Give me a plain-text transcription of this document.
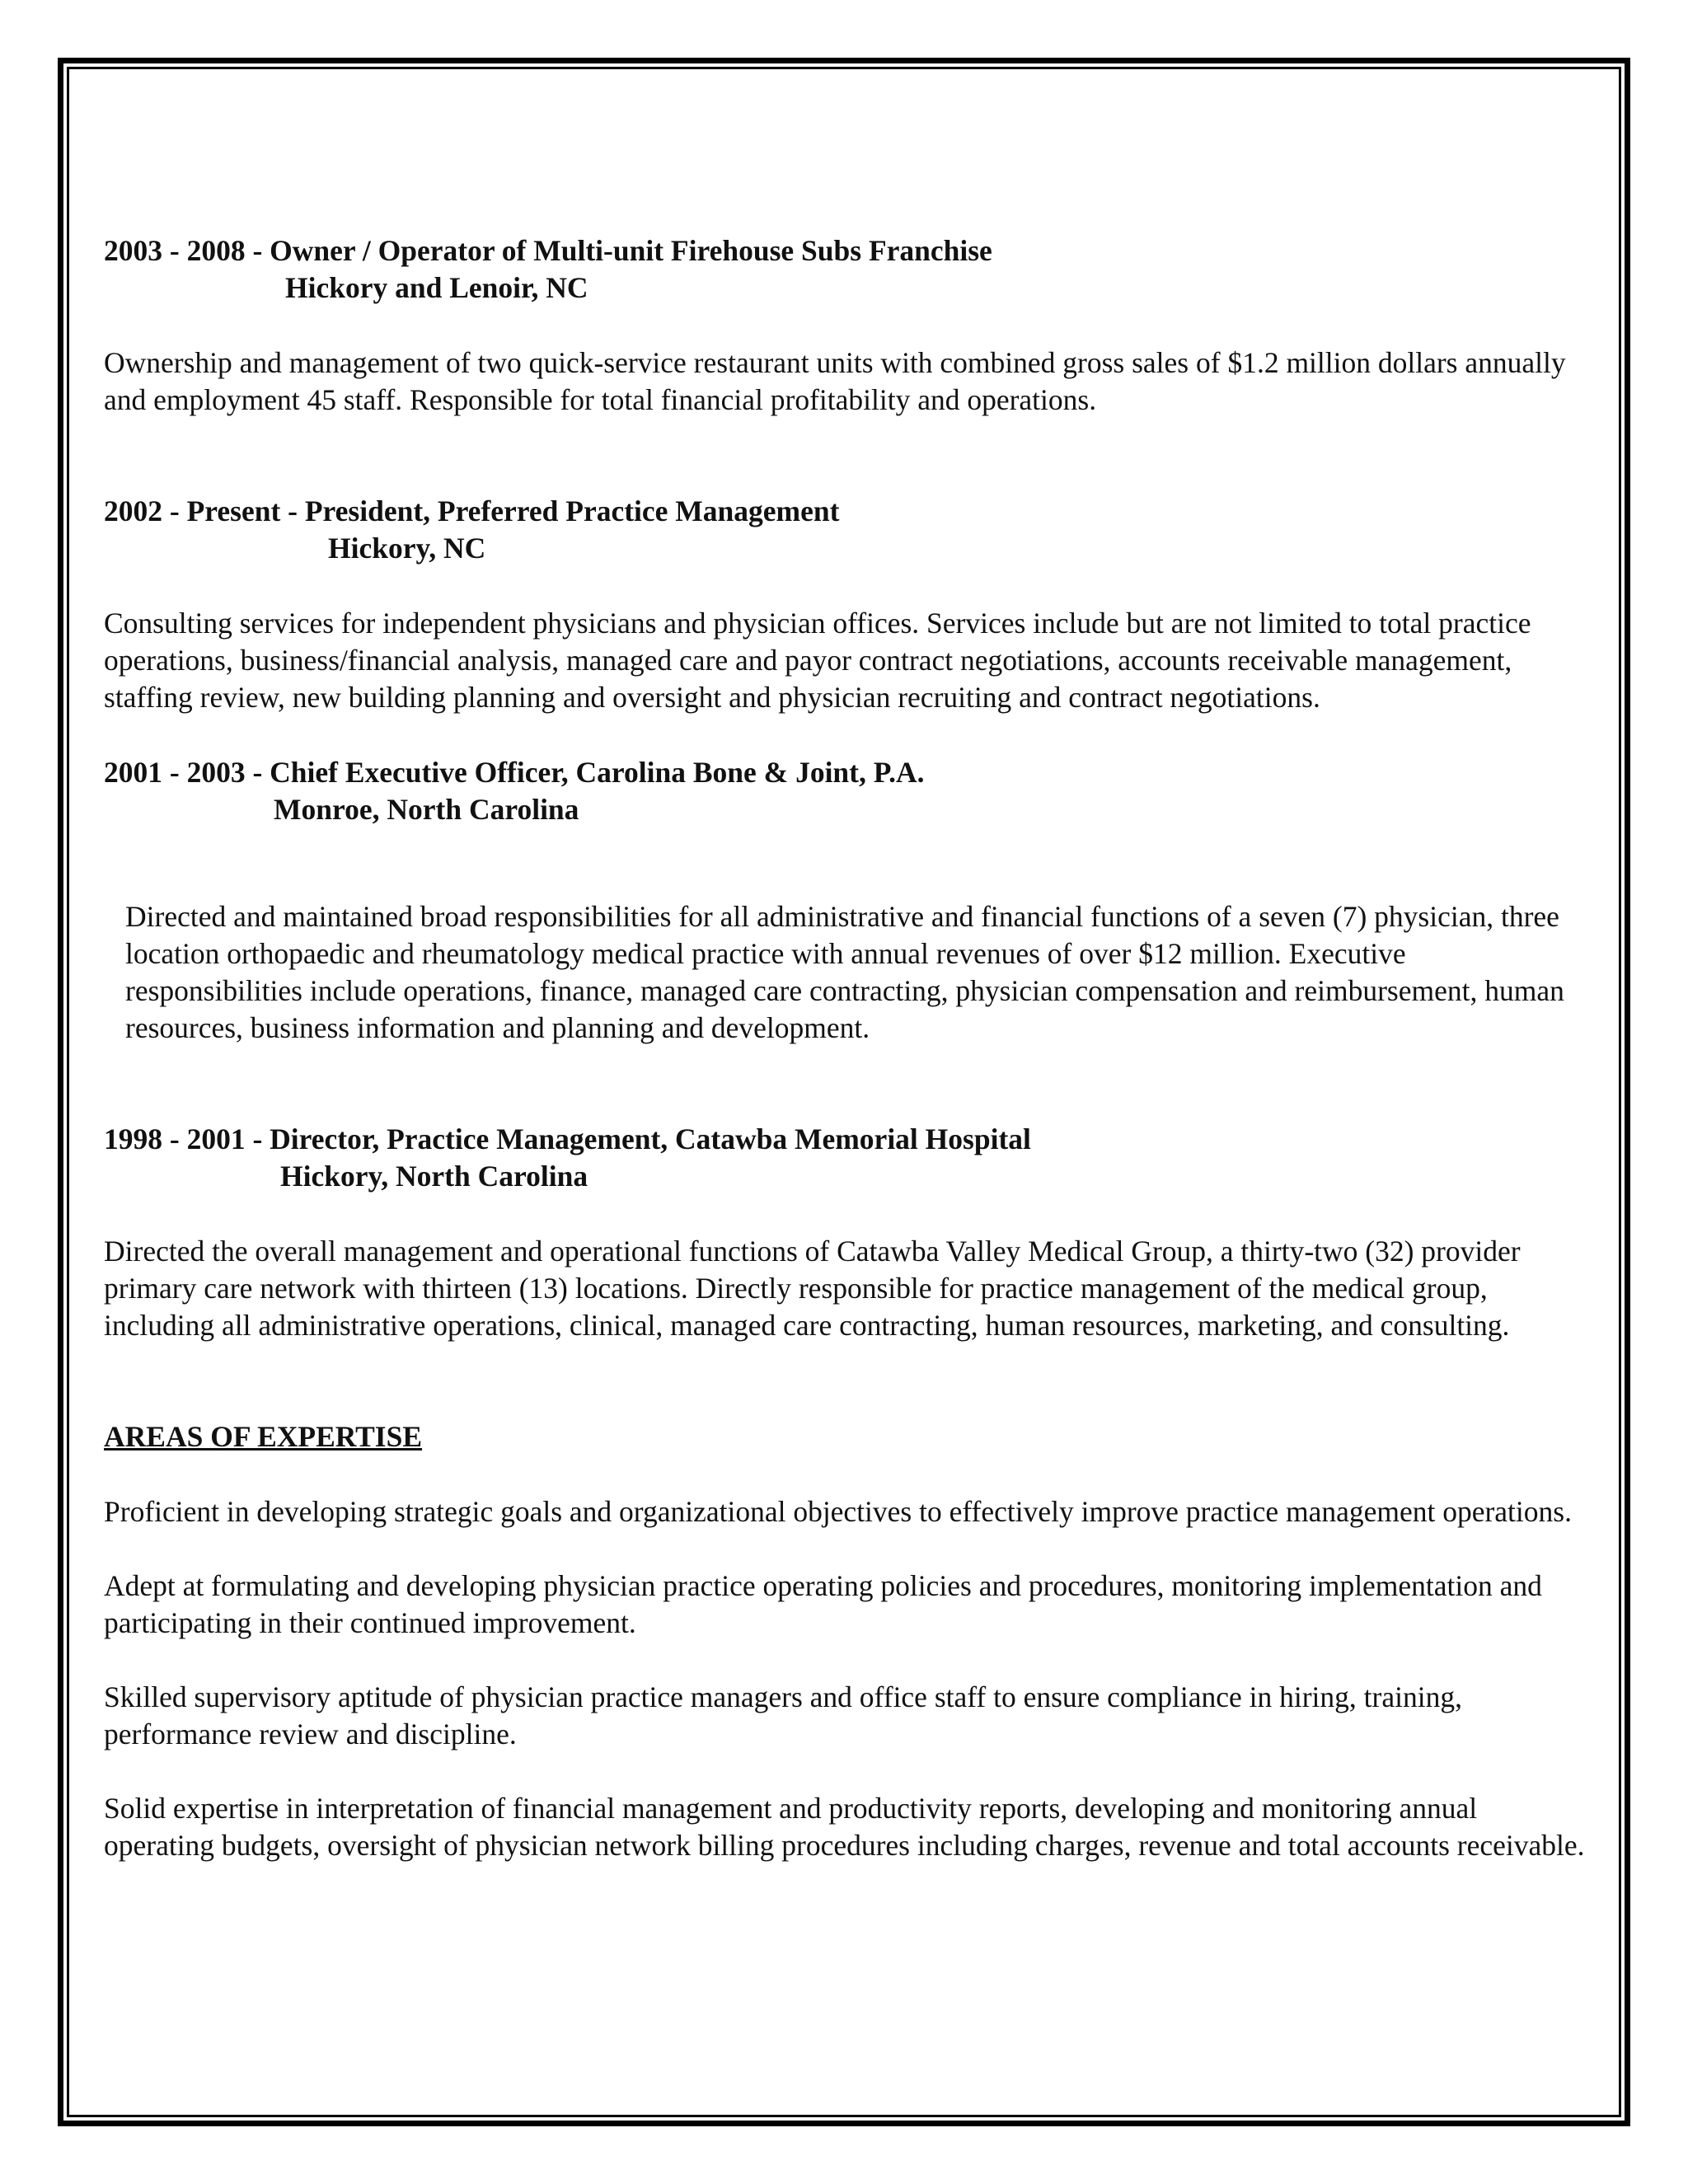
2003 - 2008 - Owner / Operator of Multi-unit Firehouse Subs Franchise
Hickory and Lenoir, NC

Ownership and management of two quick-service restaurant units with combined gross sales of $1.2 million dollars annually and employment 45 staff. Responsible for total financial profitability and operations.

2002 - Present - President, Preferred Practice Management
Hickory, NC

Consulting services for independent physicians and physician offices. Services include but are not limited to total practice operations, business/financial analysis, managed care and payor contract negotiations, accounts receivable management, staffing review, new building planning and oversight and physician recruiting and contract negotiations.

2001 - 2003 - Chief Executive Officer, Carolina Bone & Joint, P.A.
Monroe, North Carolina

Directed and maintained broad responsibilities for all administrative and financial functions of a seven (7) physician, three location orthopaedic and rheumatology medical practice with annual revenues of over $12 million. Executive responsibilities include operations, finance, managed care contracting, physician compensation and reimbursement, human resources, business information and planning and development.

1998 - 2001 - Director, Practice Management, Catawba Memorial Hospital
Hickory, North Carolina

Directed the overall management and operational functions of Catawba Valley Medical Group, a thirty-two (32) provider primary care network with thirteen (13) locations. Directly responsible for practice management of the medical group, including all administrative operations, clinical, managed care contracting, human resources, marketing, and consulting.

AREAS OF EXPERTISE

Proficient in developing strategic goals and organizational objectives to effectively improve practice management operations.

Adept at formulating and developing physician practice operating policies and procedures, monitoring implementation and participating in their continued improvement.

Skilled supervisory aptitude of physician practice managers and office staff to ensure compliance in hiring, training, performance review and discipline.

Solid expertise in interpretation of financial management and productivity reports, developing and monitoring annual operating budgets, oversight of physician network billing procedures including charges, revenue and total accounts receivable.
